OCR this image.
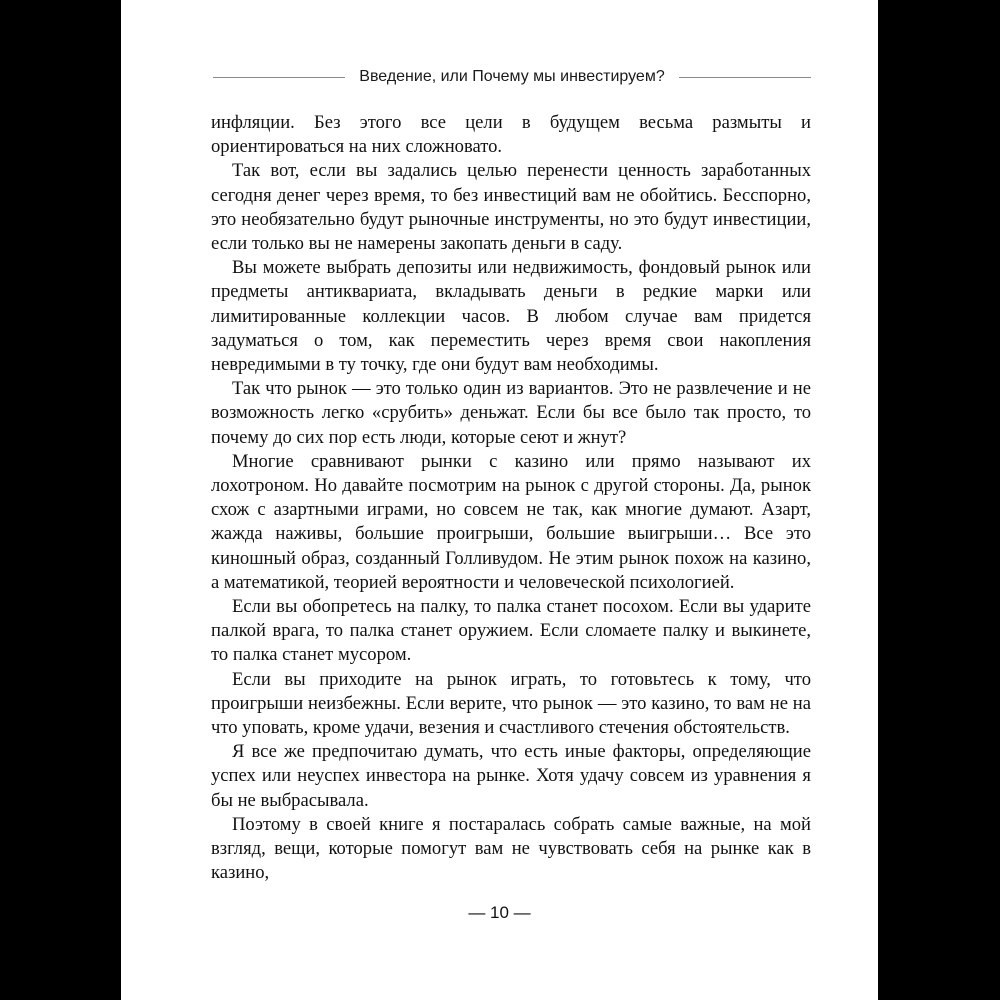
Введение, или Почему мы инвестируем?

инфляции. Без этого все цели в будущем весьма размыты и ориентироваться на них сложновато.

Так вот, если вы задались целью перенести ценность заработанных сегодня денег через время, то без инвестиций вам не обойтись. Бесспорно, это необязательно будут рыночные инструменты, но это будут инвестиции, если только вы не намерены закопать деньги в саду.

Вы можете выбрать депозиты или недвижимость, фондовый рынок или предметы антиквариата, вкладывать деньги в редкие марки или лимитированные коллекции часов. В любом случае вам придется задуматься о том, как переместить через время свои накопления невредимыми в ту точку, где они будут вам необходимы.

Так что рынок — это только один из вариантов. Это не развлечение и не возможность легко «срубить» деньжат. Если бы все было так просто, то почему до сих пор есть люди, которые сеют и жнут?

Многие сравнивают рынки с казино или прямо называют их лохотроном. Но давайте посмотрим на рынок с другой стороны. Да, рынок схож с азартными играми, но совсем не так, как многие думают. Азарт, жажда наживы, большие проигрыши, большие выигрыши… Все это киношный образ, созданный Голливудом. Не этим рынок похож на казино, а математикой, теорией вероятности и человеческой психологией.

Если вы обопретесь на палку, то палка станет посохом. Если вы ударите палкой врага, то палка станет оружием. Если сломаете палку и выкинете, то палка станет мусором.

Если вы приходите на рынок играть, то готовьтесь к тому, что проигрыши неизбежны. Если верите, что рынок — это казино, то вам не на что уповать, кроме удачи, везения и счастливого стечения обстоятельств.

Я все же предпочитаю думать, что есть иные факторы, определяющие успех или неуспех инвестора на рынке. Хотя удачу совсем из уравнения я бы не выбрасывала.

Поэтому в своей книге я постаралась собрать самые важные, на мой взгляд, вещи, которые помогут вам не чувствовать себя на рынке как в казино,

— 10 —
